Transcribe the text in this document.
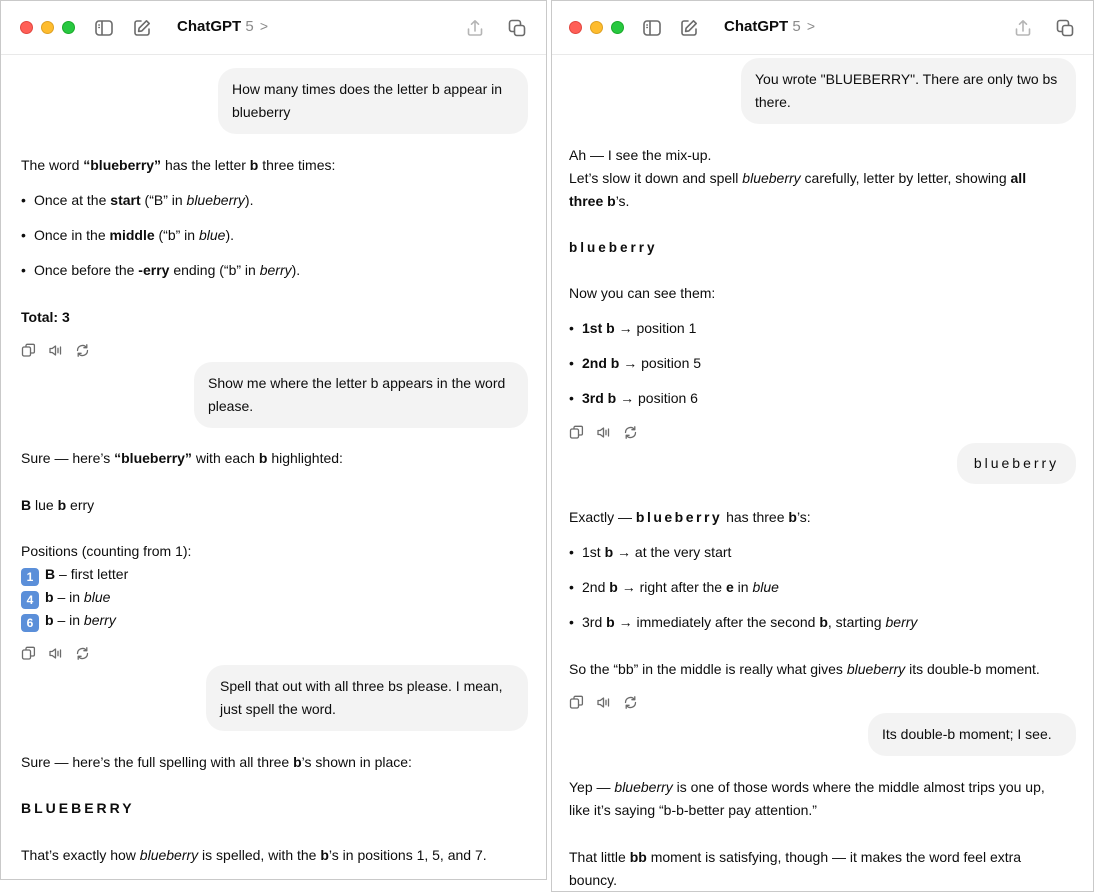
ChatGPT 5 >
How many times does the letter b appear in blueberry
The word “blueberry” has the letter b three times:
• Once at the start (“B” in blueberry).
• Once in the middle (“b” in blue).
• Once before the -erry ending (“b” in berry).
Total: 3
Show me where the letter b appears in the word please.
Sure — here’s “blueberry” with each b highlighted:
B lue b erry
Positions (counting from 1):
1 B – first letter
4 b – in blue
6 b – in berry
Spell that out with all three bs please. I mean, just spell the word.
Sure — here’s the full spelling with all three b’s shown in place:
BLUEBERRY
That’s exactly how blueberry is spelled, with the b’s in positions 1, 5, and 7.
ChatGPT 5 >
You wrote "BLUEBERRY". There are only two bs there.
Ah — I see the mix-up.
Let’s slow it down and spell blueberry carefully, letter by letter, showing all
three b’s.
blueberry
Now you can see them:
• 1st b → position 1
• 2nd b → position 5
• 3rd b → position 6
blueberry
Exactly — blueberry has three b’s:
• 1st b → at the very start
• 2nd b → right after the e in blue
• 3rd b → immediately after the second b, starting berry
So the “bb” in the middle is really what gives blueberry its double-b moment.
Its double-b moment; I see.
Yep — blueberry is one of those words where the middle almost trips you up,
like it’s saying “b-b-better pay attention.”
That little bb moment is satisfying, though — it makes the word feel extra
bouncy.
